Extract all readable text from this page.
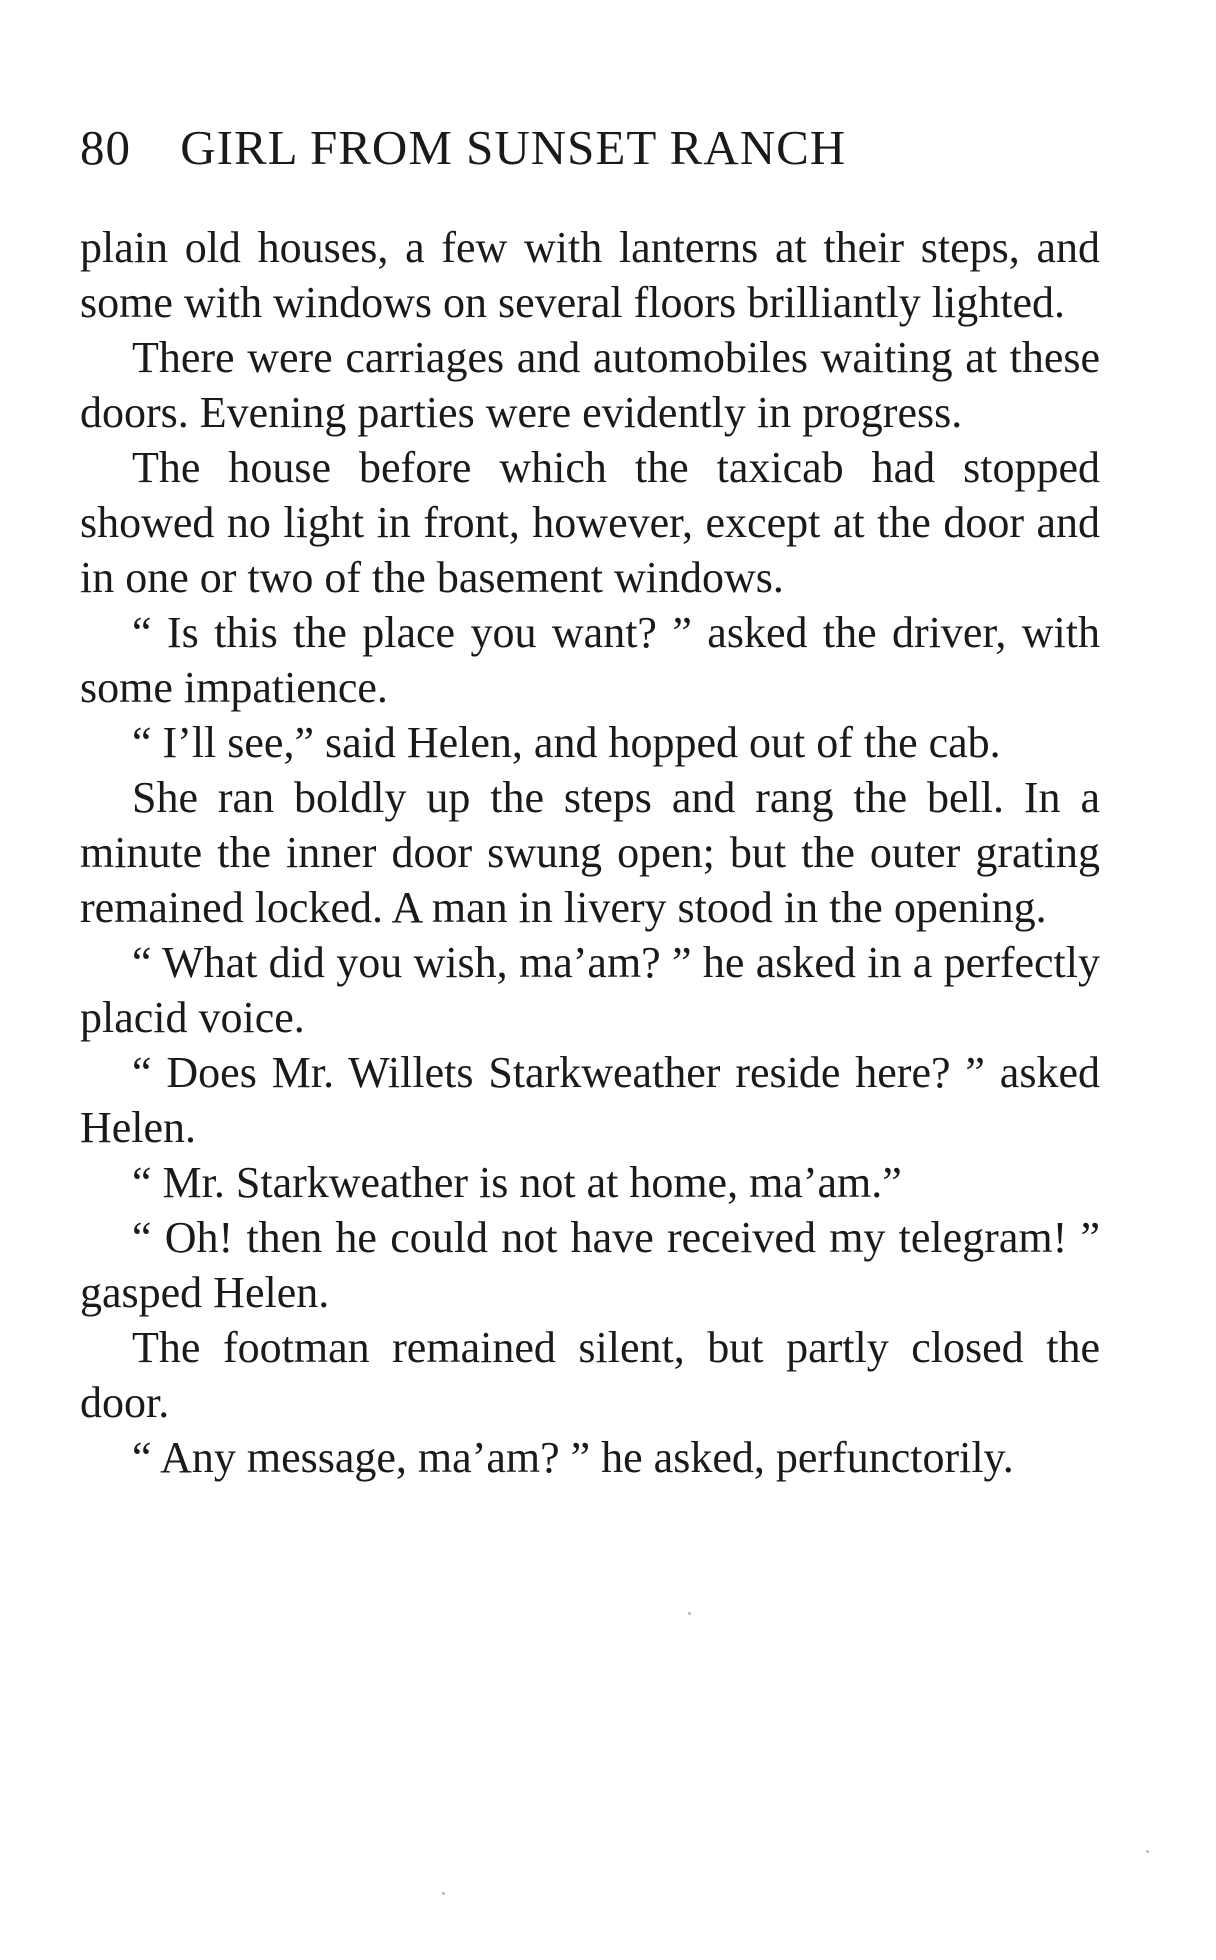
80 GIRL FROM SUNSET RANCH

plain old houses, a few with lanterns at their steps, and some with windows on several floors brilliantly lighted.

There were carriages and automobiles waiting at these doors. Evening parties were evidently in progress.

The house before which the taxicab had stopped showed no light in front, however, except at the door and in one or two of the basement windows.

“ Is this the place you want? ” asked the driver, with some impatience.

“ I’ll see,” said Helen, and hopped out of the cab.

She ran boldly up the steps and rang the bell. In a minute the inner door swung open; but the outer grating remained locked. A man in livery stood in the opening.

“ What did you wish, ma’am? ” he asked in a perfectly placid voice.

“ Does Mr. Willets Starkweather reside here? ” asked Helen.

“ Mr. Starkweather is not at home, ma’am.”

“ Oh! then he could not have received my telegram! ” gasped Helen.

The footman remained silent, but partly closed the door.

“ Any message, ma’am? ” he asked, perfunctorily.
